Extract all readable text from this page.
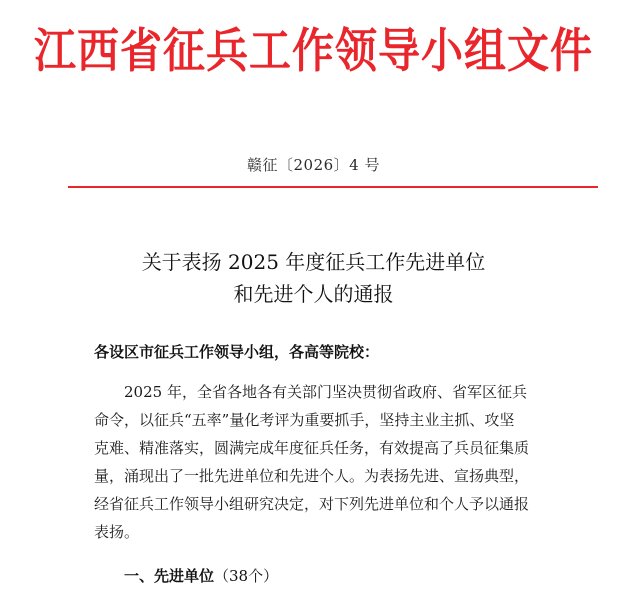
江西省征兵工作领导小组文件
赣征〔2026〕4 号
关于表扬 2025 年度征兵工作先进单位
和先进个人的通报
各设区市征兵工作领导小组，各高等院校：
2025 年，全省各地各有关部门坚决贯彻省政府、省军区征兵
命令，以征兵“五率”量化考评为重要抓手，坚持主业主抓、攻坚
克难、精准落实，圆满完成年度征兵任务，有效提高了兵员征集质
量，涌现出了一批先进单位和先进个人。为表扬先进、宣扬典型，
经省征兵工作领导小组研究决定，对下列先进单位和个人予以通报
表扬。
一、先进单位（38个）
